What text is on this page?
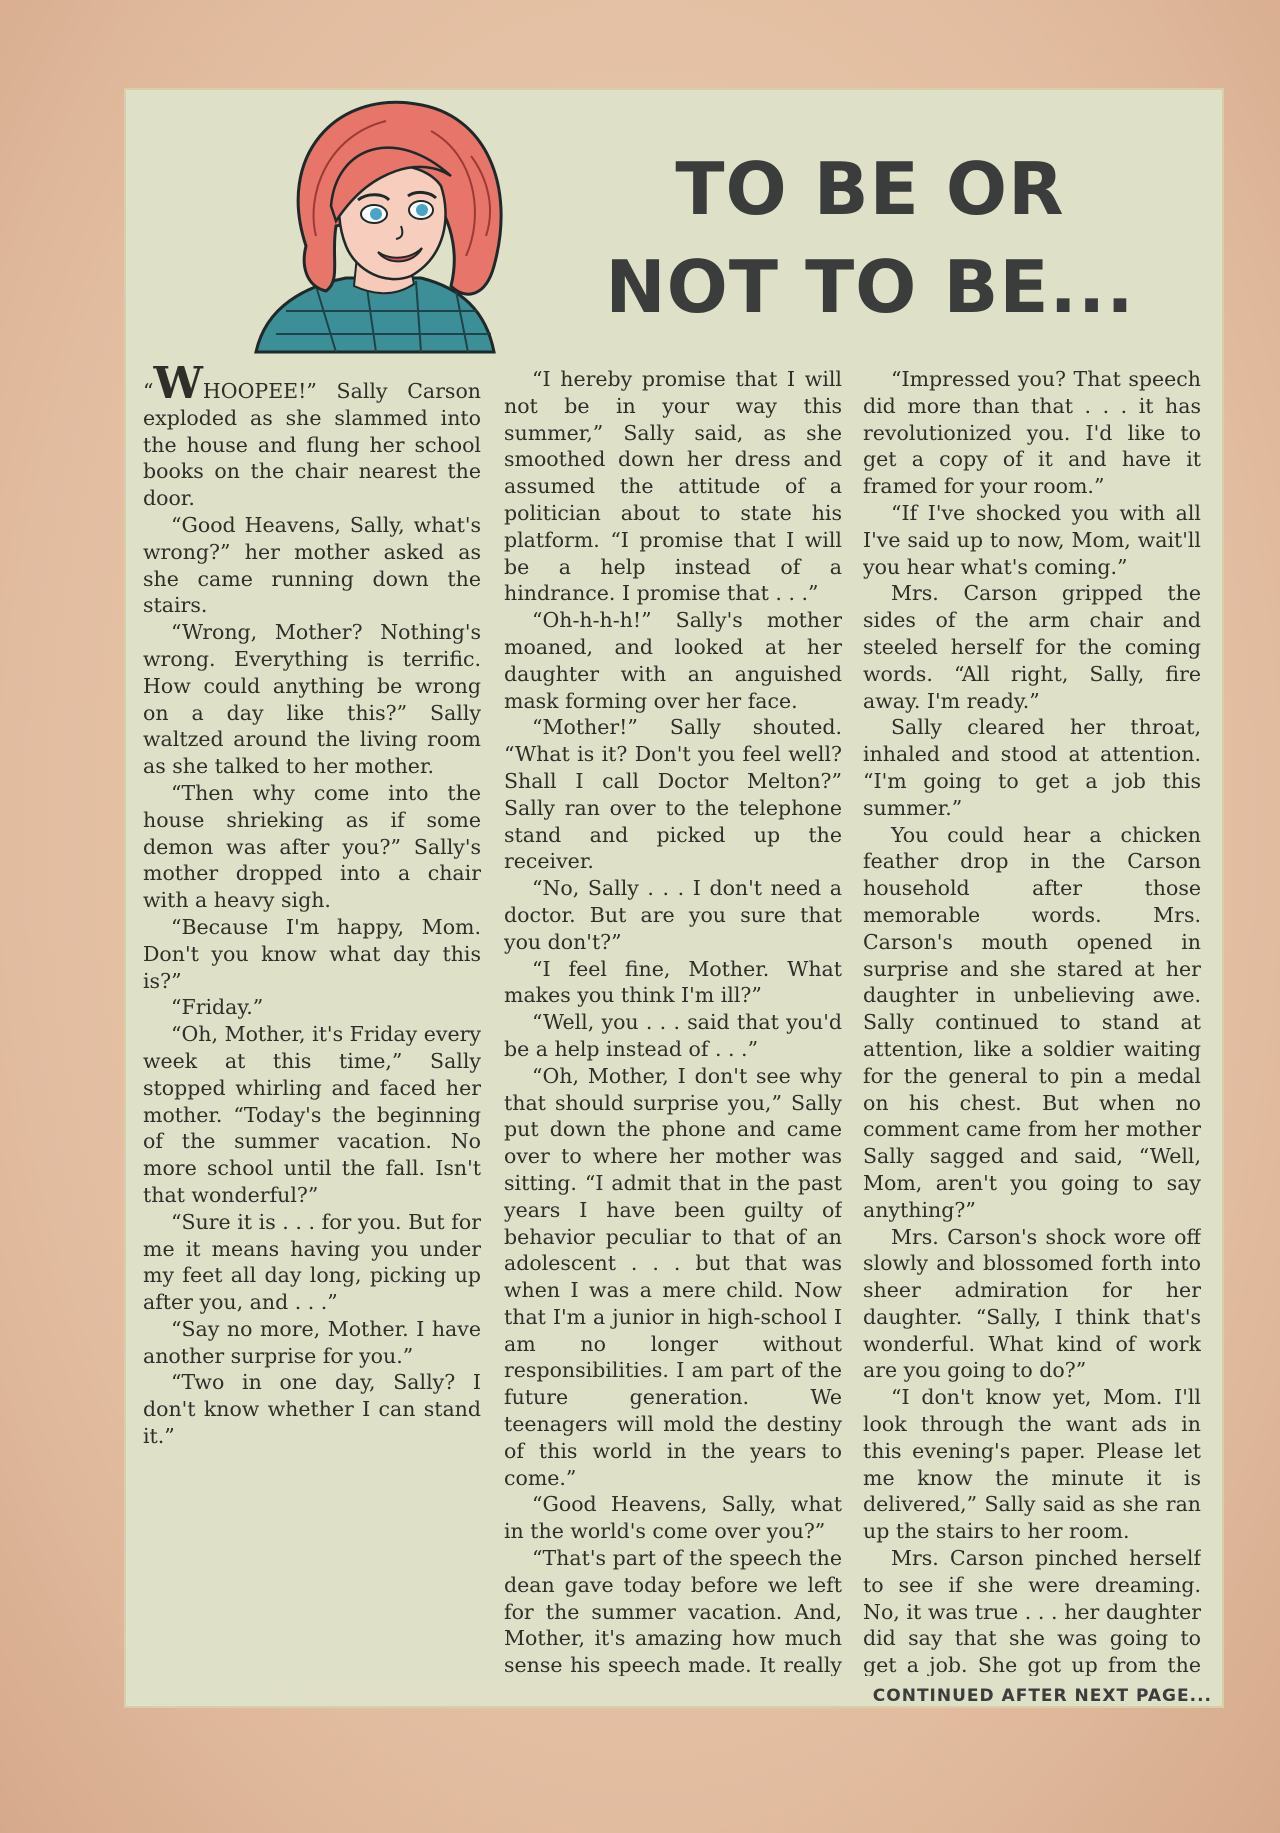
TO BE OR
NOT TO BE...

“WHOOPEE!” Sally Carson exploded as she slammed into the house and flung her school books on the chair nearest the door.

“Good Heavens, Sally, what's wrong?” her mother asked as she came running down the stairs.

“Wrong, Mother? Nothing's wrong. Everything is terrific. How could anything be wrong on a day like this?” Sally waltzed around the living room as she talked to her mother.

“Then why come into the house shrieking as if some demon was after you?” Sally's mother dropped into a chair with a heavy sigh.

“Because I'm happy, Mom. Don't you know what day this is?”

“Friday.”

“Oh, Mother, it's Friday every week at this time,” Sally stopped whirling and faced her mother. “Today's the beginning of the summer vacation. No more school until the fall. Isn't that wonderful?”

“Sure it is . . . for you. But for me it means having you under my feet all day long, picking up after you, and . . .”

“Say no more, Mother. I have another surprise for you.”

“Two in one day, Sally? I don't know whether I can stand it.”

“I hereby promise that I will not be in your way this summer,” Sally said, as she smoothed down her dress and assumed the attitude of a politician about to state his platform. “I promise that I will be a help instead of a hindrance. I promise that . . .”

“Oh-h-h-h!” Sally's mother moaned, and looked at her daughter with an anguished mask forming over her face.

“Mother!” Sally shouted. “What is it? Don't you feel well? Shall I call Doctor Melton?” Sally ran over to the telephone stand and picked up the receiver.

“No, Sally . . . I don't need a doctor. But are you sure that you don't?”

“I feel fine, Mother. What makes you think I'm ill?”

“Well, you . . . said that you'd be a help instead of . . .”

“Oh, Mother, I don't see why that should surprise you,” Sally put down the phone and came over to where her mother was sitting. “I admit that in the past years I have been guilty of behavior peculiar to that of an adolescent . . . but that was when I was a mere child. Now that I'm a junior in high-school I am no longer without responsibilities. I am part of the future generation. We teenagers will mold the destiny of this world in the years to come.”

“Good Heavens, Sally, what in the world's come over you?”

“That's part of the speech the dean gave today before we left for the summer vacation. And, Mother, it's amazing how much sense his speech made. It really

“Impressed you? That speech did more than that . . . it has revolutionized you. I'd like to get a copy of it and have it framed for your room.”

“If I've shocked you with all I've said up to now, Mom, wait'll you hear what's coming.”

Mrs. Carson gripped the sides of the arm chair and steeled herself for the coming words. “All right, Sally, fire away. I'm ready.”

Sally cleared her throat, inhaled and stood at attention. “I'm going to get a job this summer.”

You could hear a chicken feather drop in the Carson household after those memorable words. Mrs. Carson's mouth opened in surprise and she stared at her daughter in unbelieving awe. Sally continued to stand at attention, like a soldier waiting for the general to pin a medal on his chest. But when no comment came from her mother Sally sagged and said, “Well, Mom, aren't you going to say anything?”

Mrs. Carson's shock wore off slowly and blossomed forth into sheer admiration for her daughter. “Sally, I think that's wonderful. What kind of work are you going to do?”

“I don't know yet, Mom. I'll look through the want ads in this evening's paper. Please let me know the minute it is delivered,” Sally said as she ran up the stairs to her room.

Mrs. Carson pinched herself to see if she were dreaming. No, it was true . . . her daughter did say that she was going to get a job. She got up from the

CONTINUED AFTER NEXT PAGE...
